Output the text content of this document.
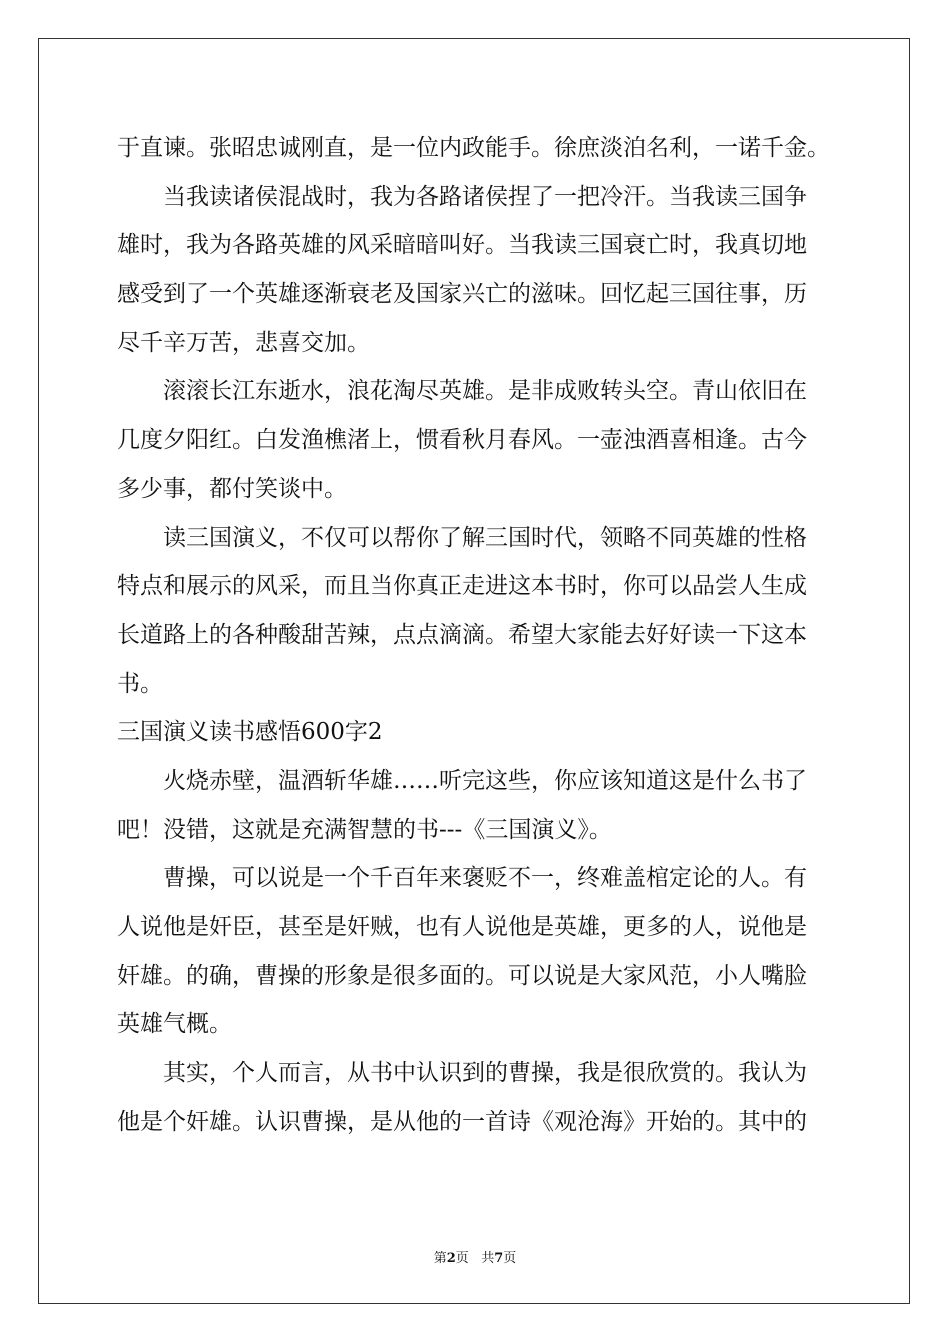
于直谏。张昭忠诚刚直，是一位内政能手。徐庶淡泊名利，一诺千金。
　　当我读诸侯混战时，我为各路诸侯捏了一把冷汗。当我读三国争
雄时，我为各路英雄的风采暗暗叫好。当我读三国衰亡时，我真切地
感受到了一个英雄逐渐衰老及国家兴亡的滋味。回忆起三国往事，历
尽千辛万苦，悲喜交加。
　　滚滚长江东逝水，浪花淘尽英雄。是非成败转头空。青山依旧在
几度夕阳红。白发渔樵渚上，惯看秋月春风。一壶浊酒喜相逢。古今
多少事，都付笑谈中。
　　读三国演义，不仅可以帮你了解三国时代，领略不同英雄的性格
特点和展示的风采，而且当你真正走进这本书时，你可以品尝人生成
长道路上的各种酸甜苦辣，点点滴滴。希望大家能去好好读一下这本
书。
三国演义读书感悟600字2
　　火烧赤壁，温酒斩华雄……听完这些，你应该知道这是什么书了
吧！没错，这就是充满智慧的书---《三国演义》。
　　曹操，可以说是一个千百年来褒贬不一，终难盖棺定论的人。有
人说他是奸臣，甚至是奸贼，也有人说他是英雄，更多的人，说他是
奸雄。的确，曹操的形象是很多面的。可以说是大家风范，小人嘴脸
英雄气概。
　　其实，个人而言，从书中认识到的曹操，我是很欣赏的。我认为
他是个奸雄。认识曹操，是从他的一首诗《观沧海》开始的。其中的
第2页 共7页
